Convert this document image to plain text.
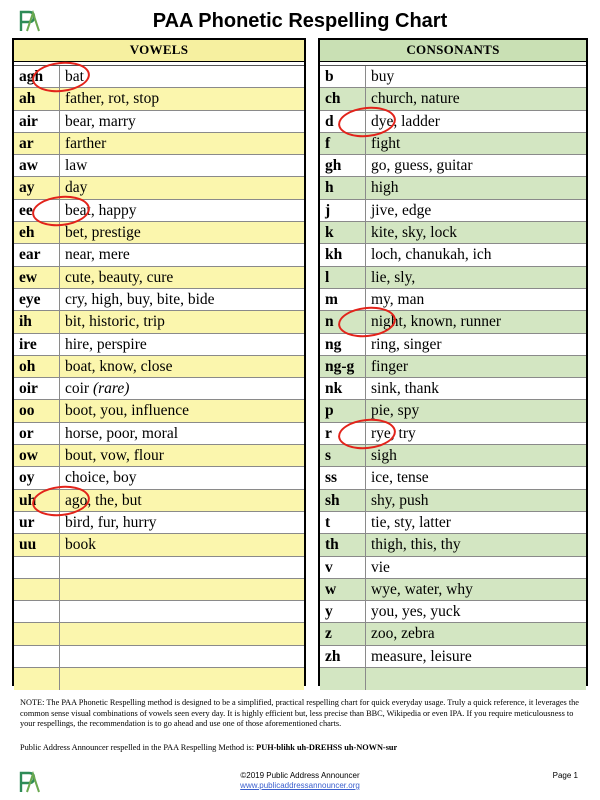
PAA Phonetic Respelling Chart
VOWELS
agh	bat
ah	father, rot, stop
air	bear, marry
ar	farther
aw	law
ay	day
ee	beat, happy
eh	bet, prestige
ear	near, mere
ew	cute, beauty, cure
eye	cry, high, buy, bite, bide
ih	bit, historic, trip
ire	hire, perspire
oh	boat, know, close
oir	coir (rare)
oo	boot, you, influence
or	horse, poor, moral
ow	bout, vow, flour
oy	choice, boy
uh	ago, the, but
ur	bird, fur, hurry
uu	book
CONSONANTS
b	buy
ch	church, nature
d	dye, ladder
f	fight
gh	go, guess, guitar
h	high
j	jive, edge
k	kite, sky, lock
kh	loch, chanukah, ich
l	lie, sly,
m	my, man
n	night, known, runner
ng	ring, singer
ng-g	finger
nk	sink, thank
p	pie, spy
r	rye, try
s	sigh
ss	ice, tense
sh	shy, push
t	tie, sty, latter
th	thigh, this, thy
v	vie
w	wye, water, why
y	you, yes, yuck
z	zoo, zebra
zh	measure, leisure
NOTE: The PAA Phonetic Respelling method is designed to be a simplified, practical respelling chart for quick everyday usage. Truly a quick reference, it leverages the common sense visual combinations of vowels seen every day. It is highly efficient but, less precise than BBC, Wikipedia or even IPA. If you require meticulousness to your respellings, the recommendation is to go ahead and use one of those aforementioned charts.
Public Address Announcer respelled in the PAA Respelling Method is: PUH-blihk uh-DREHSS uh-NOWN-sur
©2019 Public Address Announcer
www.publicaddressannouncer.org
Page 1
